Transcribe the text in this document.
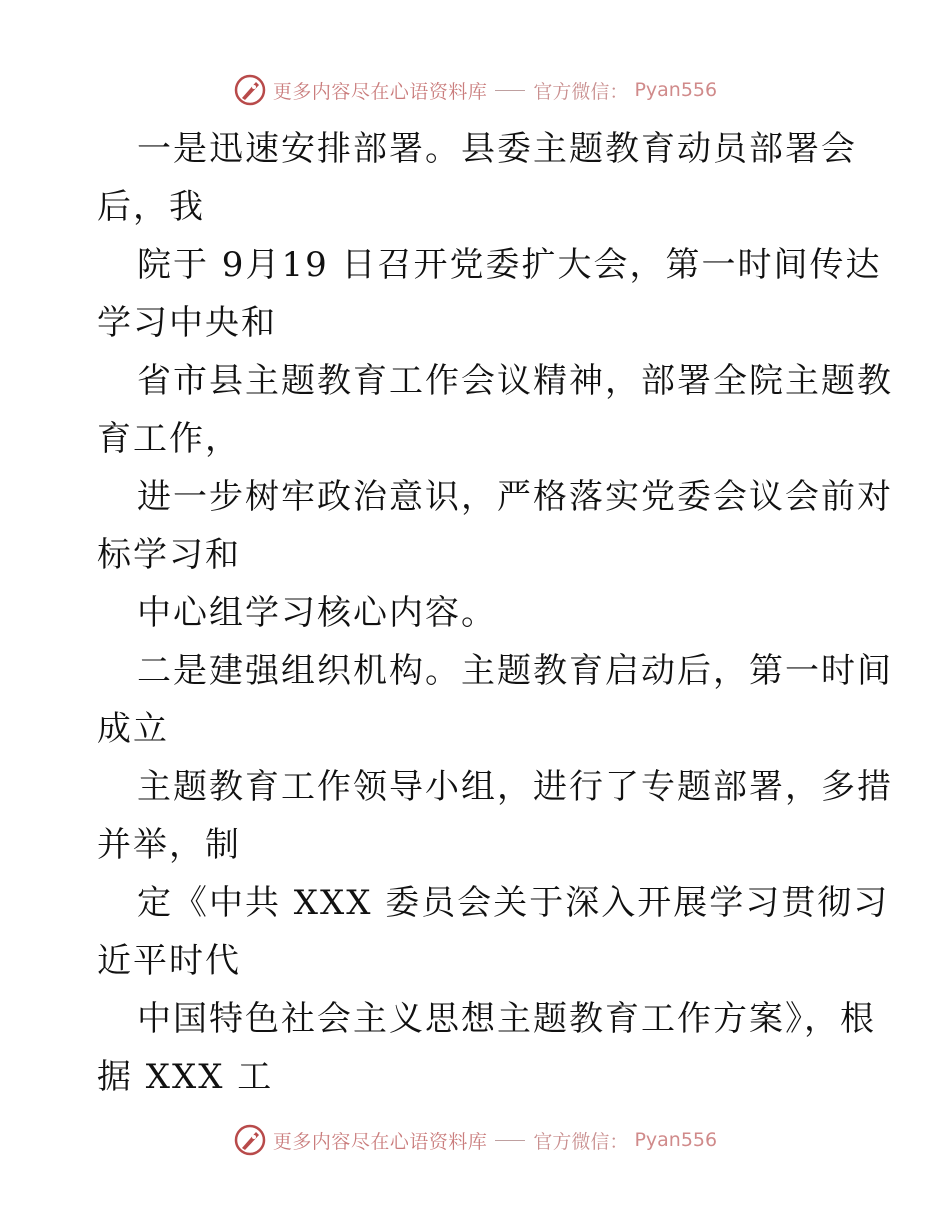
更多内容尽在心语资料库 官方微信： Pyan556
一是迅速安排部署。县委主题教育动员部署会
后，我
院于 9月19 日召开党委扩大会，第一时间传达
学习中央和
省市县主题教育工作会议精神，部署全院主题教
育工作，
进一步树牢政治意识，严格落实党委会议会前对
标学习和
中心组学习核心内容。
二是建强组织机构。主题教育启动后，第一时间
成立
主题教育工作领导小组，进行了专题部署，多措
并举，制
定《中共 XXX 委员会关于深入开展学习贯彻习
近平时代
中国特色社会主义思想主题教育工作方案》，根
据 XXX 工
更多内容尽在心语资料库 官方微信： Pyan556
